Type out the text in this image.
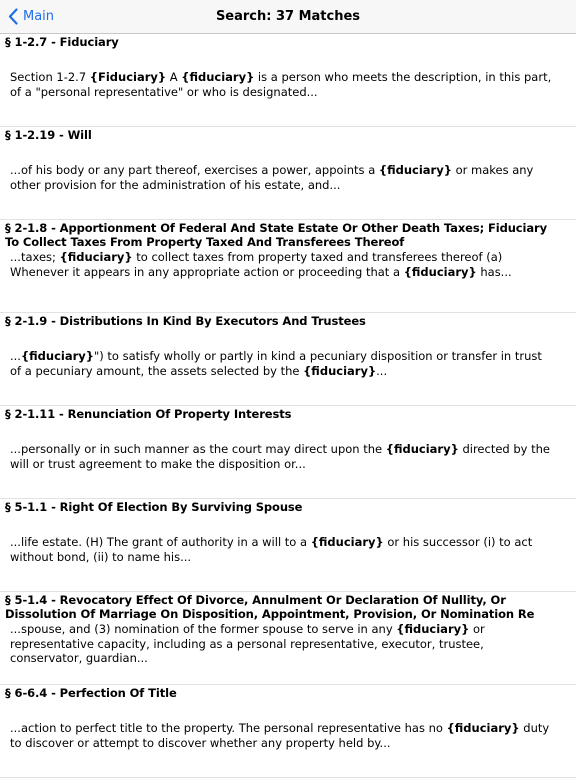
Main	Search: 37 Matches
§ 1-2.7 - Fiduciary
Section 1-2.7 {Fiduciary} A {fiduciary} is a person who meets the description, in this part, of a "personal representative" or who is designated...
§ 1-2.19 - Will
...of his body or any part thereof, exercises a power, appoints a {fiduciary} or makes any other provision for the administration of his estate, and...
§ 2-1.8 - Apportionment Of Federal And State Estate Or Other Death Taxes; Fiduciary To Collect Taxes From Property Taxed And Transferees Thereof
...taxes; {fiduciary} to collect taxes from property taxed and transferees thereof (a) Whenever it appears in any appropriate action or proceeding that a {fiduciary} has...
§ 2-1.9 - Distributions In Kind By Executors And Trustees
...{fiduciary}") to satisfy wholly or partly in kind a pecuniary disposition or transfer in trust of a pecuniary amount, the assets selected by the {fiduciary}...
§ 2-1.11 - Renunciation Of Property Interests
...personally or in such manner as the court may direct upon the {fiduciary} directed by the will or trust agreement to make the disposition or...
§ 5-1.1 - Right Of Election By Surviving Spouse
...life estate. (H) The grant of authority in a will to a {fiduciary} or his successor (i) to act without bond, (ii) to name his...
§ 5-1.4 - Revocatory Effect Of Divorce, Annulment Or Declaration Of Nullity, Or Dissolution Of Marriage On Disposition, Appointment, Provision, Or Nomination Re
...spouse, and (3) nomination of the former spouse to serve in any {fiduciary} or representative capacity, including as a personal representative, executor, trustee, conservator, guardian...
§ 6-6.4 - Perfection Of Title
...action to perfect title to the property. The personal representative has no {fiduciary} duty to discover or attempt to discover whether any property held by...
